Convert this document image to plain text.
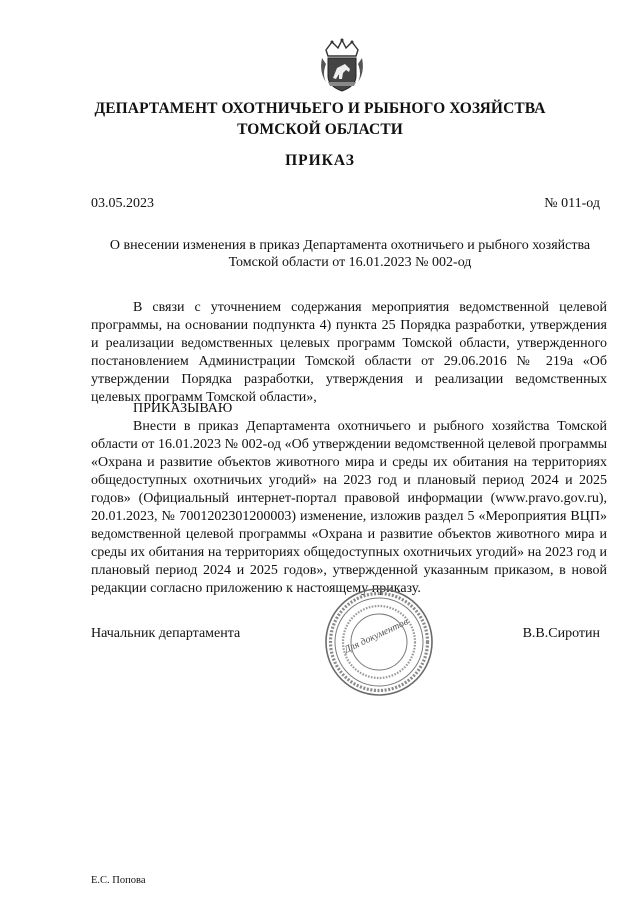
ДЕПАРТАМЕНТ ОХОТНИЧЬЕГО И РЫБНОГО ХОЗЯЙСТВА
ТОМСКОЙ ОБЛАСТИ
ПРИКАЗ
03.05.2023	№ 011-од
О внесении изменения в приказ Департамента охотничьего и рыбного хозяйства
Томской области от 16.01.2023 № 002-од
В связи с уточнением содержания мероприятия ведомственной целевой программы, на основании подпункта 4) пункта 25 Порядка разработки, утверждения и реализации ведомственных целевых программ Томской области, утвержденного постановлением Администрации Томской области от 29.06.2016 № 219а «Об утверждении Порядка разработки, утверждения и реализации ведомственных целевых программ Томской области»,
ПРИКАЗЫВАЮ
Внести в приказ Департамента охотничьего и рыбного хозяйства Томской области от 16.01.2023 № 002-од «Об утверждении ведомственной целевой программы «Охрана и развитие объектов животного мира и среды их обитания на территориях общедоступных охотничьих угодий» на 2023 год и плановый период 2024 и 2025 годов» (Официальный интернет-портал правовой информации (www.pravo.gov.ru), 20.01.2023, № 7001202301200003) изменение, изложив раздел 5 «Мероприятия ВЦП» ведомственной целевой программы «Охрана и развитие объектов животного мира и среды их обитания на территориях общедоступных охотничьих угодий» на 2023 год и плановый период 2024 и 2025 годов», утвержденной указанным приказом, в новой редакции согласно приложению к настоящему приказу.
Начальник департамента	Для документов	В.В.Сиротин
Е.С. Попова
